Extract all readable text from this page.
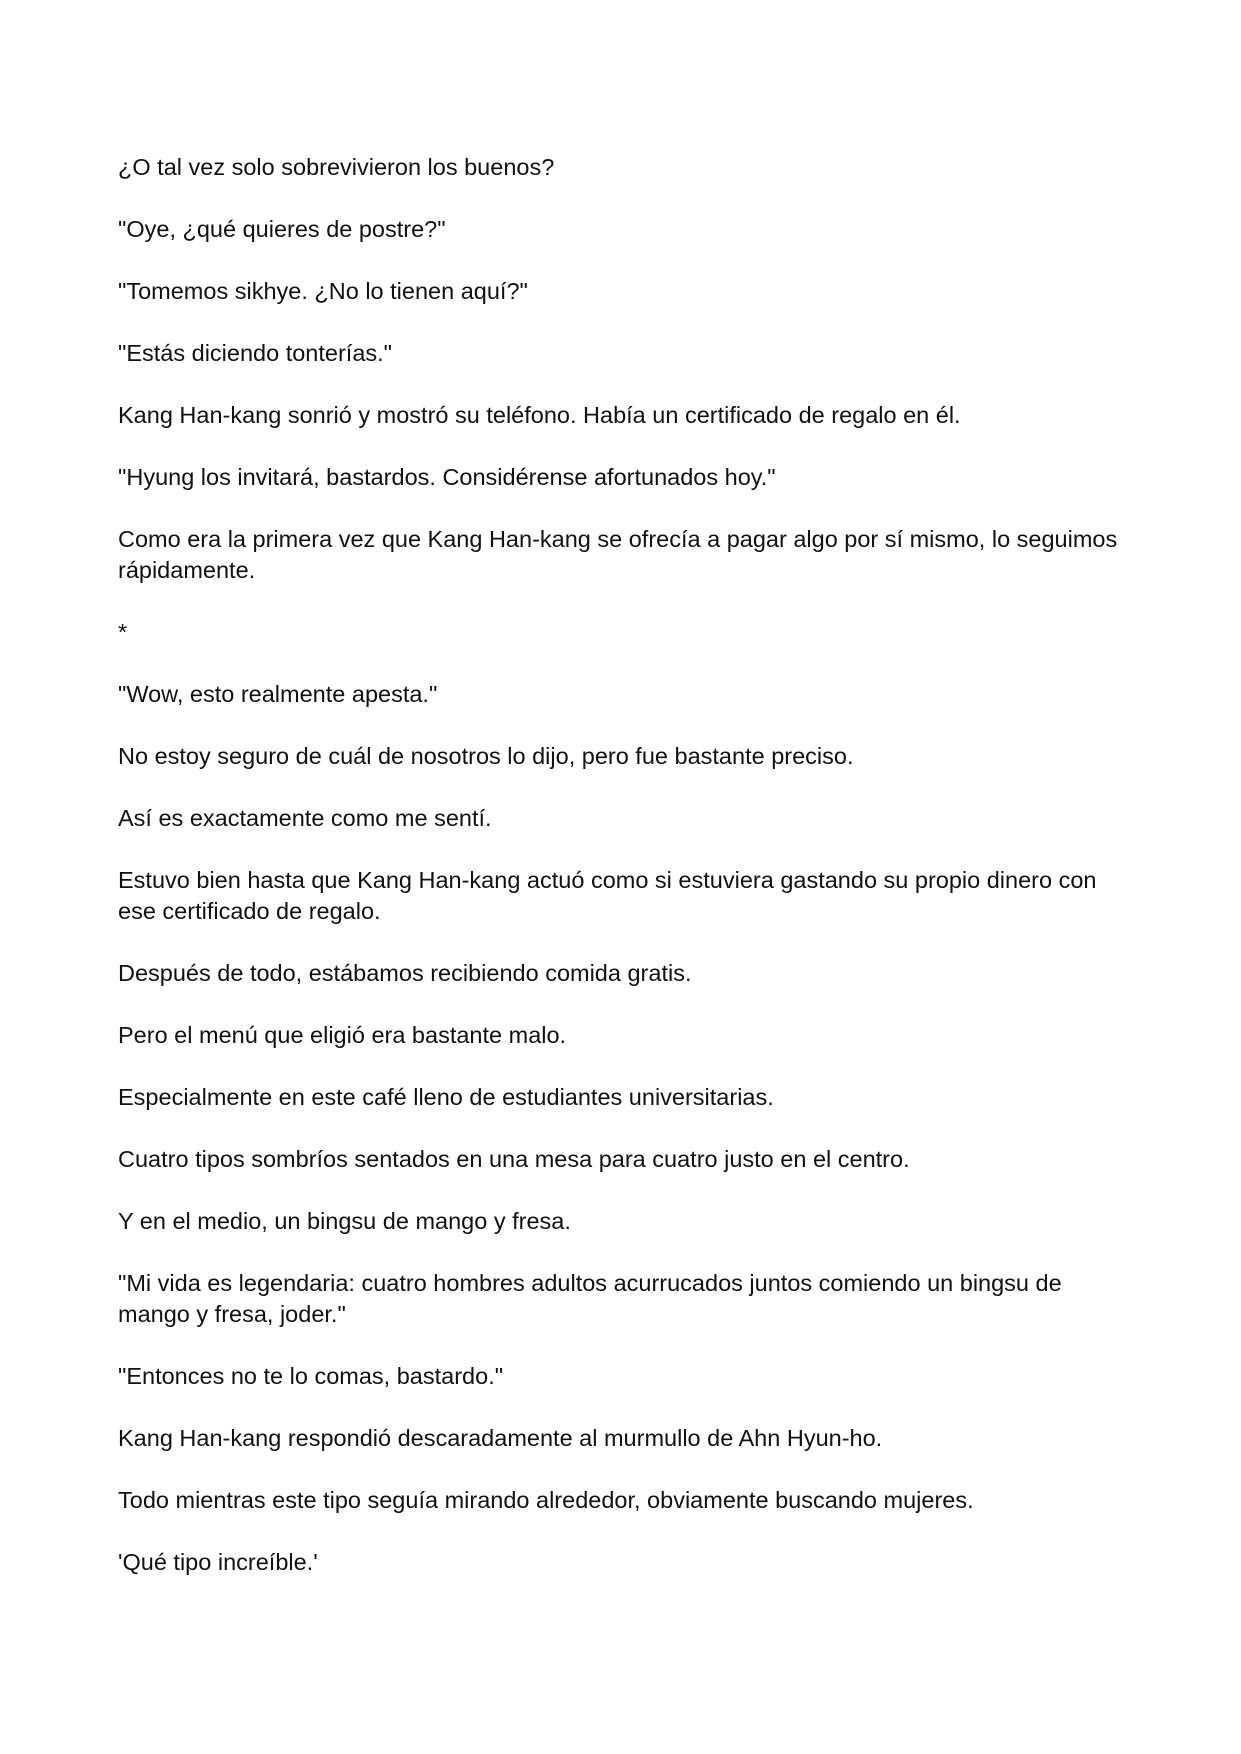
¿O tal vez solo sobrevivieron los buenos?

"Oye, ¿qué quieres de postre?"

"Tomemos sikhye. ¿No lo tienen aquí?"

"Estás diciendo tonterías."

Kang Han-kang sonrió y mostró su teléfono. Había un certificado de regalo en él.

"Hyung los invitará, bastardos. Considérense afortunados hoy."

Como era la primera vez que Kang Han-kang se ofrecía a pagar algo por sí mismo, lo seguimos rápidamente.

*

"Wow, esto realmente apesta."

No estoy seguro de cuál de nosotros lo dijo, pero fue bastante preciso.

Así es exactamente como me sentí.

Estuvo bien hasta que Kang Han-kang actuó como si estuviera gastando su propio dinero con ese certificado de regalo.

Después de todo, estábamos recibiendo comida gratis.

Pero el menú que eligió era bastante malo.

Especialmente en este café lleno de estudiantes universitarias.

Cuatro tipos sombríos sentados en una mesa para cuatro justo en el centro.

Y en el medio, un bingsu de mango y fresa.

"Mi vida es legendaria: cuatro hombres adultos acurrucados juntos comiendo un bingsu de mango y fresa, joder."

"Entonces no te lo comas, bastardo."

Kang Han-kang respondió descaradamente al murmullo de Ahn Hyun-ho.

Todo mientras este tipo seguía mirando alrededor, obviamente buscando mujeres.

'Qué tipo increíble.'
